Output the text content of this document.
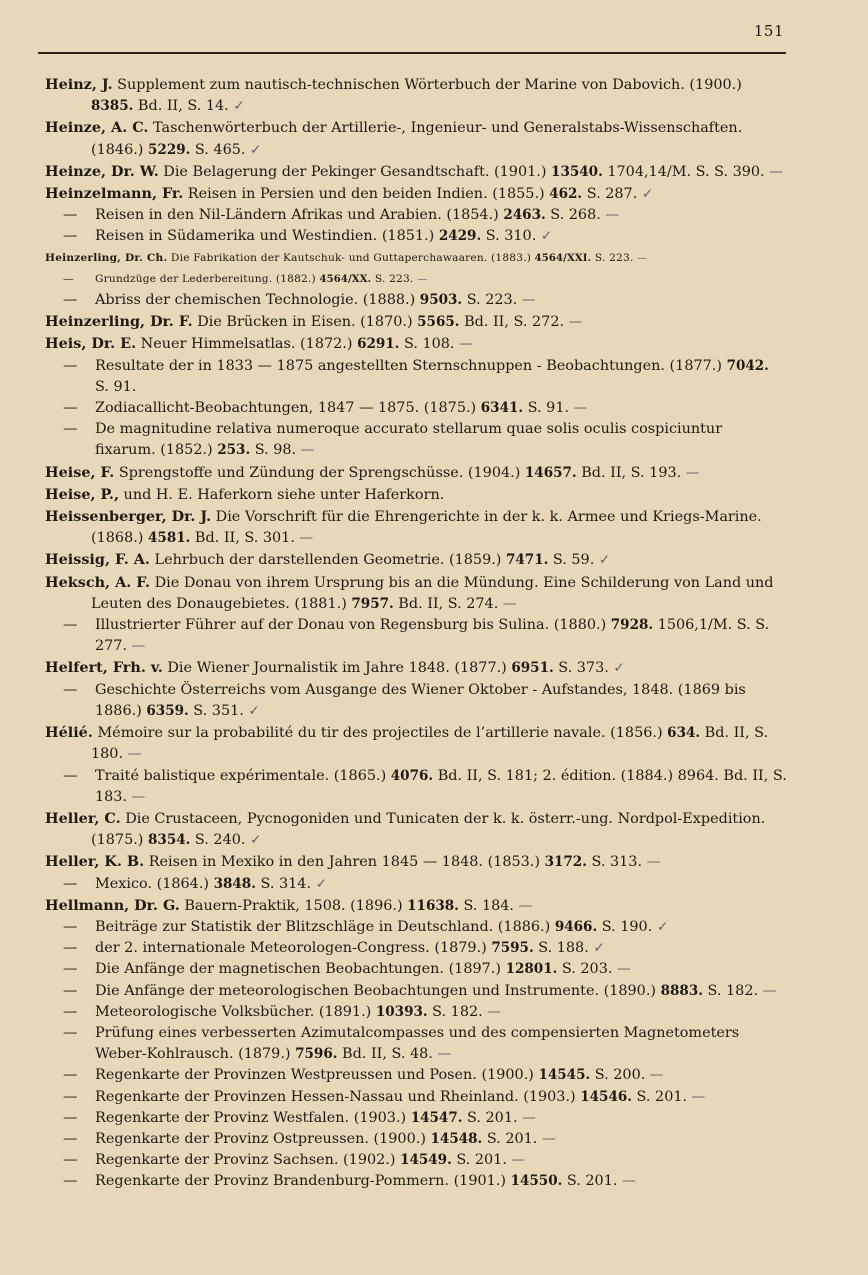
151
Heinz, J. Supplement zum nautisch-technischen Wörterbuch der Marine von Dabovich. (1900.) 8385. Bd. II, S. 14. ✓
Heinze, A. C. Taschenwörterbuch der Artillerie-, Ingenieur- und Generalstabs-Wissenschaften. (1846.) 5229. S. 465. ✓
Heinze, Dr. W. Die Belagerung der Pekinger Gesandtschaft. (1901.) 13540. 1704,14/M. S. S. 390. —
Heinzelmann, Fr. Reisen in Persien und den beiden Indien. (1855.) 462. S. 287. ✓
— Reisen in den Nil-Ländern Afrikas und Arabien. (1854.) 2463. S. 268. —
— Reisen in Südamerika und Westindien. (1851.) 2429. S. 310. ✓
Heinzerling, Dr. Ch. Die Fabrikation der Kautschuk- und Guttaperchawaaren. (1883.) 4564/XXI. S. 223. —
— Grundzüge der Lederbereitung. (1882.) 4564/XX. S. 223. —
— Abriss der chemischen Technologie. (1888.) 9503. S. 223. —
Heinzerling, Dr. F. Die Brücken in Eisen. (1870.) 5565. Bd. II, S. 272. —
Heis, Dr. E. Neuer Himmelsatlas. (1872.) 6291. S. 108. —
— Resultate der in 1833 — 1875 angestellten Sternschnuppen - Beobachtungen. (1877.) 7042. S. 91.
— Zodiacallicht-Beobachtungen, 1847 — 1875. (1875.) 6341. S. 91. —
— De magnitudine relativa numeroque accurato stellarum quae solis oculis cospiciuntur fixarum. (1852.) 253. S. 98. —
Heise, F. Sprengstoffe und Zündung der Sprengschüsse. (1904.) 14657. Bd. II, S. 193. —
Heise, P., und H. E. Haferkorn siehe unter Haferkorn.
Heissenberger, Dr. J. Die Vorschrift für die Ehrengerichte in der k. k. Armee und Kriegs-Marine. (1868.) 4581. Bd. II, S. 301. —
Heissig, F. A. Lehrbuch der darstellenden Geometrie. (1859.) 7471. S. 59. ✓
Heksch, A. F. Die Donau von ihrem Ursprung bis an die Mündung. Eine Schilderung von Land und Leuten des Donaugebietes. (1881.) 7957. Bd. II, S. 274. —
— Illustrierter Führer auf der Donau von Regensburg bis Sulina. (1880.) 7928. 1506,1/M. S. S. 277. —
Helfert, Frh. v. Die Wiener Journalistik im Jahre 1848. (1877.) 6951. S. 373. ✓
— Geschichte Österreichs vom Ausgange des Wiener Oktober - Aufstandes, 1848. (1869 bis 1886.) 6359. S. 351. ✓
Hélié. Mémoire sur la probabilité du tir des projectiles de l’artillerie navale. (1856.) 634. Bd. II, S. 180. —
— Traité balistique expérimentale. (1865.) 4076. Bd. II, S. 181; 2. édition. (1884.) 8964. Bd. II, S. 183. —
Heller, C. Die Crustaceen, Pycnogoniden und Tunicaten der k. k. österr.-ung. Nordpol-Expedition. (1875.) 8354. S. 240. ✓
Heller, K. B. Reisen in Mexiko in den Jahren 1845 — 1848. (1853.) 3172. S. 313. —
— Mexico. (1864.) 3848. S. 314. ✓
Hellmann, Dr. G. Bauern-Praktik, 1508. (1896.) 11638. S. 184. —
— Beiträge zur Statistik der Blitzschläge in Deutschland. (1886.) 9466. S. 190. ✓
— der 2. internationale Meteorologen-Congress. (1879.) 7595. S. 188. ✓
— Die Anfänge der magnetischen Beobachtungen. (1897.) 12801. S. 203. —
— Die Anfänge der meteorologischen Beobachtungen und Instrumente. (1890.) 8883. S. 182. —
— Meteorologische Volksbücher. (1891.) 10393. S. 182. —
— Prüfung eines verbesserten Azimutalcompasses und des compensierten Magnetometers Weber-Kohlrausch. (1879.) 7596. Bd. II, S. 48. —
— Regenkarte der Provinzen Westpreussen und Posen. (1900.) 14545. S. 200. —
— Regenkarte der Provinzen Hessen-Nassau und Rheinland. (1903.) 14546. S. 201. —
— Regenkarte der Provinz Westfalen. (1903.) 14547. S. 201. —
— Regenkarte der Provinz Ostpreussen. (1900.) 14548. S. 201. —
— Regenkarte der Provinz Sachsen. (1902.) 14549. S. 201. —
— Regenkarte der Provinz Brandenburg-Pommern. (1901.) 14550. S. 201. —
